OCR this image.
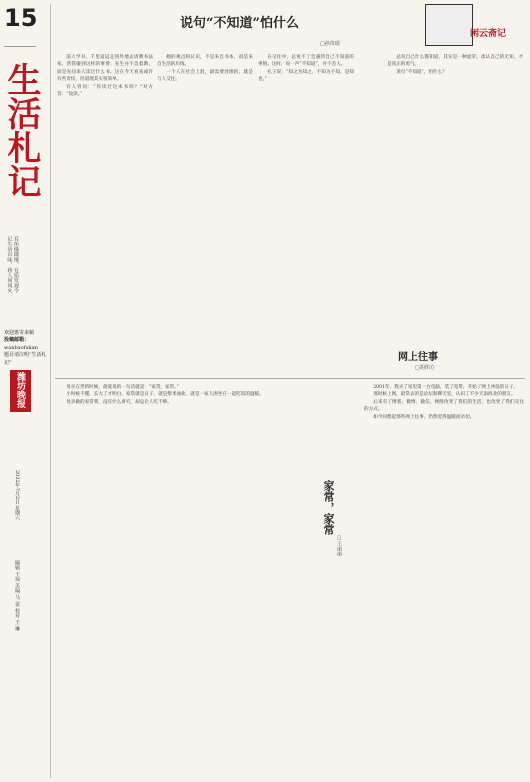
15
生活札记
有所缘随缘，有质发观令记生活百味，蒋人间风火
欢迎惠寄来稿
投稿邮箱：
wanbaofukan
题目请注明“生活札记”
潍坊晚报
2022年7月2日 星期六
编辑 王琼 美编 马 雷 校对 王 琳
说句“不知道”怕什么
□孙贵颂
闲云斋记

前人学书，千里迢迢走到外地去请教书法家，常常碰到这样的事情：先生并不急着教，而是先问来人读过什么书。这在今天看来或许有些奇怪，但道理其实很简单。

有人曾问：“你读过这本书吗？”对方答：“没读。”

她的观点和认识，不是来自书本，而是来自生活的历练。

一个人在社会上混，最需要处理的，就是与人交往。

在交往中，总免不了会遇到自己不知道的事情。这时，说一声“不知道”，并不丢人。

孔子说：“知之为知之，不知为不知，是知也。”

总说自己什么都知道，其实是一种虚荣。承认自己的无知，才是真正的勇气。

说句“不知道”，怕什么？

母亲在世的时候，最爱说的一句话就是：“家常，家常。”

小时候不懂，长大了才明白，家常就是日子，就是柴米油盐，就是一家人围坐在一起吃饭的温暖。

母亲做的家常菜，没有什么讲究，却总让人吃不够。

家常，家常
□王丽丽
网上往事
□胡伟方

2001年，我买了家里第一台电脑，装了宽带，开始了网上冲浪的日子。

那时候上网，最常去的是论坛和聊天室，认识了不少天南海北的朋友。

后来有了博客、微博、微信，网络改变了我们的生活，也改变了我们交往的方式。

如今回想起那些网上往事，仍然觉得温暖而亲切。
